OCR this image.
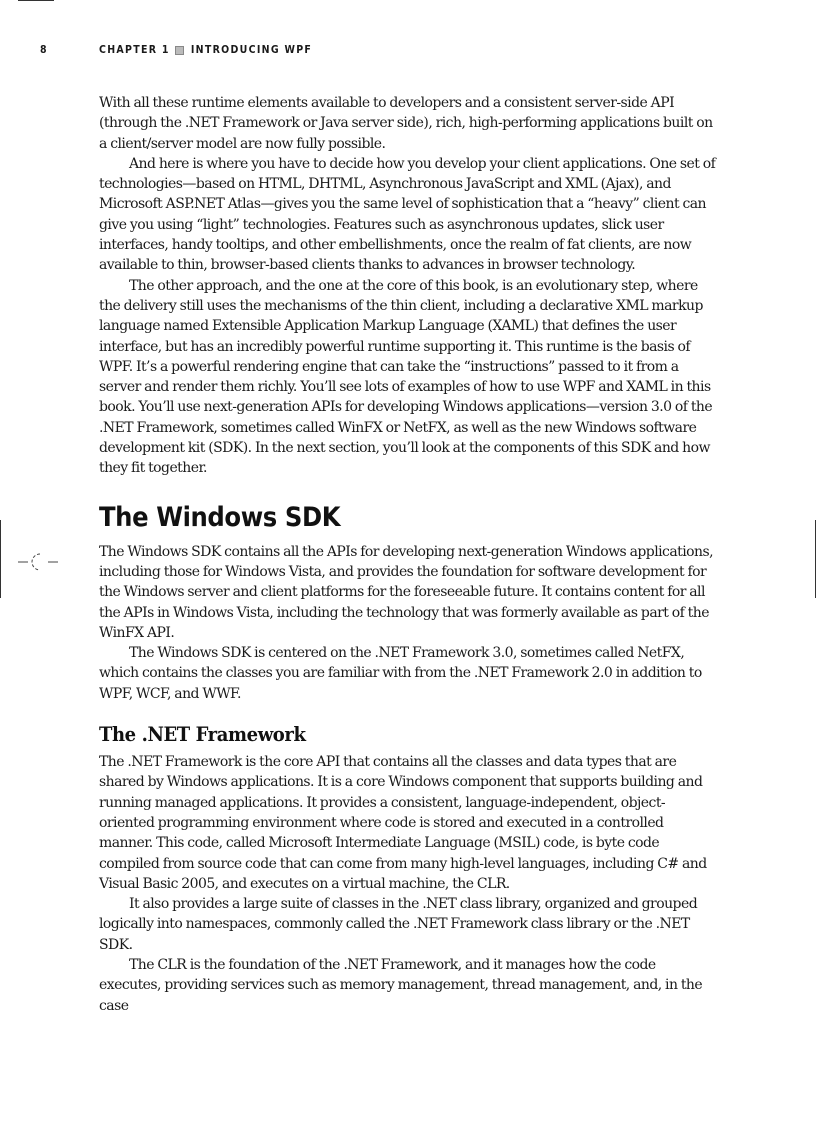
8	CHAPTER 1 INTRODUCING WPF

With all these runtime elements available to developers and a consistent server-side API (through the .NET Framework or Java server side), rich, high-performing applications built on a client/server model are now fully possible.

And here is where you have to decide how you develop your client applications. One set of technologies—based on HTML, DHTML, Asynchronous JavaScript and XML (Ajax), and Microsoft ASP.NET Atlas—gives you the same level of sophistication that a “heavy” client can give you using “light” technologies. Features such as asynchronous updates, slick user interfaces, handy tooltips, and other embellishments, once the realm of fat clients, are now available to thin, browser-based clients thanks to advances in browser technology.

The other approach, and the one at the core of this book, is an evolutionary step, where the delivery still uses the mechanisms of the thin client, including a declarative XML markup language named Extensible Application Markup Language (XAML) that defines the user interface, but has an incredibly powerful runtime supporting it. This runtime is the basis of WPF. It’s a powerful rendering engine that can take the “instructions” passed to it from a server and render them richly. You’ll see lots of examples of how to use WPF and XAML in this book. You’ll use next-generation APIs for developing Windows applications—version 3.0 of the .NET Framework, sometimes called WinFX or NetFX, as well as the new Windows software development kit (SDK). In the next section, you’ll look at the components of this SDK and how they fit together.

The Windows SDK

The Windows SDK contains all the APIs for developing next-generation Windows applications, including those for Windows Vista, and provides the foundation for software development for the Windows server and client platforms for the foreseeable future. It contains content for all the APIs in Windows Vista, including the technology that was formerly available as part of the WinFX API.

The Windows SDK is centered on the .NET Framework 3.0, sometimes called NetFX, which contains the classes you are familiar with from the .NET Framework 2.0 in addition to WPF, WCF, and WWF.

The .NET Framework

The .NET Framework is the core API that contains all the classes and data types that are shared by Windows applications. It is a core Windows component that supports building and running managed applications. It provides a consistent, language-independent, object-oriented programming environment where code is stored and executed in a controlled manner. This code, called Microsoft Intermediate Language (MSIL) code, is byte code compiled from source code that can come from many high-level languages, including C# and Visual Basic 2005, and executes on a virtual machine, the CLR.

It also provides a large suite of classes in the .NET class library, organized and grouped logically into namespaces, commonly called the .NET Framework class library or the .NET SDK.

The CLR is the foundation of the .NET Framework, and it manages how the code executes, providing services such as memory management, thread management, and, in the case
